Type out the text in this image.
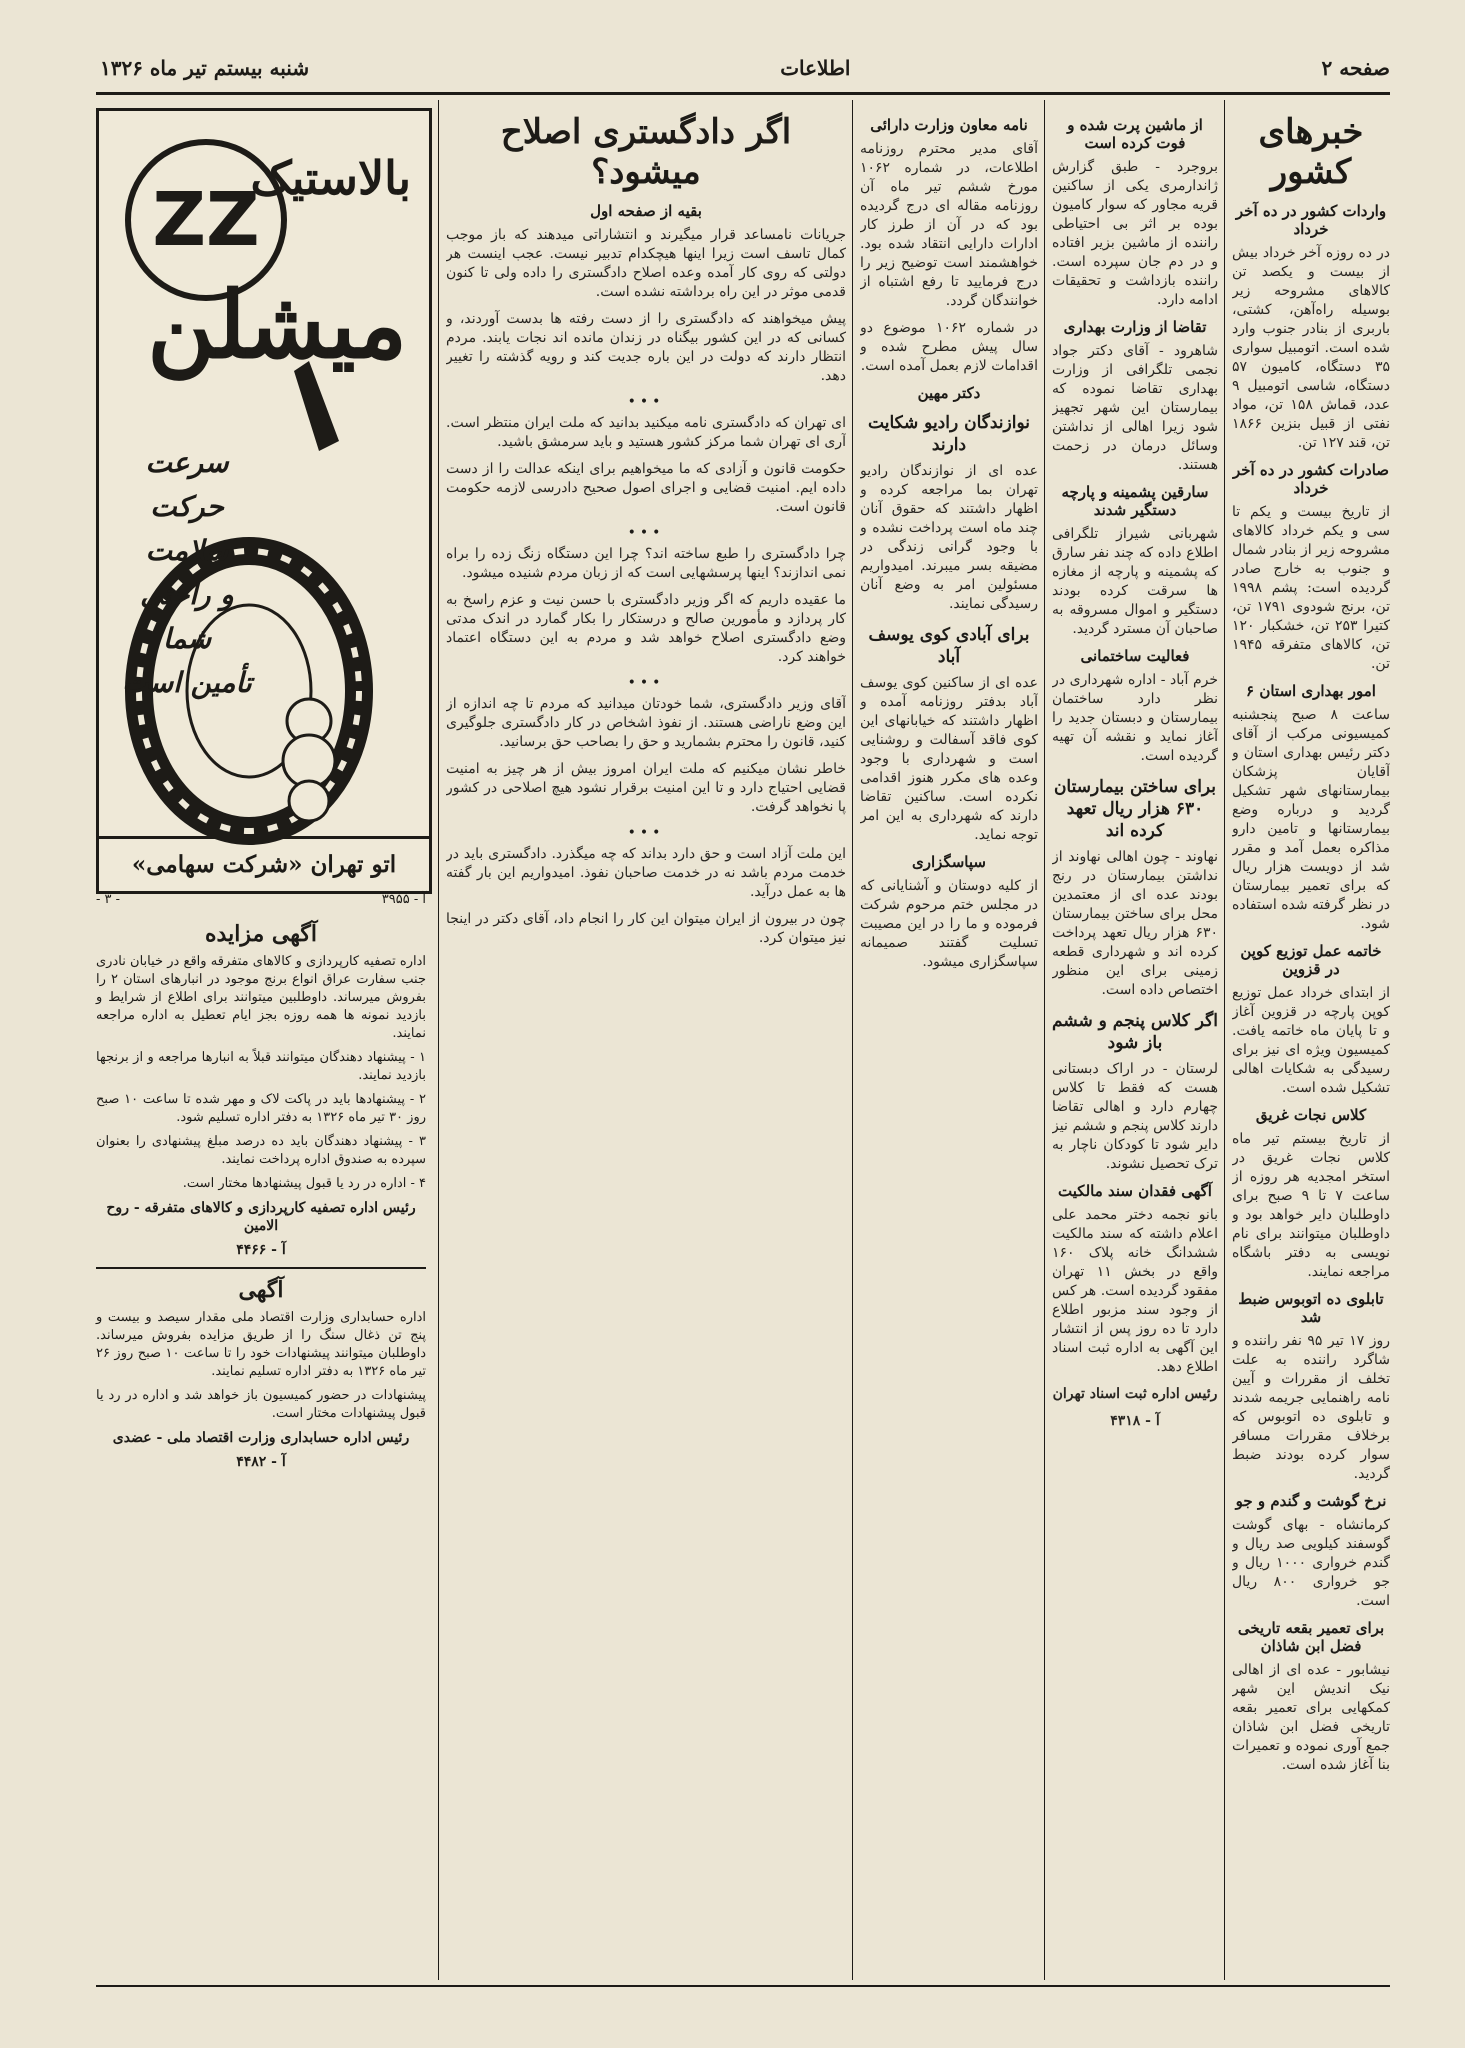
صفحه ۲
اطلاعات
شنبه بیستم تیر ماه ۱۳۲۶
خبرهای کشور
واردات کشور در ده آخر خرداد

در ده روزه آخر خرداد بیش از بیست و یکصد تن کالاهای مشروحه زیر بوسیله راه‌آهن، کشتی، باربری از بنادر جنوب وارد شده است. اتومبیل سواری ۳۵ دستگاه، کامیون ۵۷ دستگاه، شاسی اتومبیل ۹ عدد، قماش ۱۵۸ تن، مواد نفتی از قبیل بنزین ۱۸۶۶ تن، قند ۱۲۷ تن.

صادرات کشور در ده آخر خرداد

از تاریخ بیست و یکم تا سی و یکم خرداد کالاهای مشروحه زیر از بنادر شمال و جنوب به خارج صادر گردیده است: پشم ۱۹۹۸ تن، برنج شودوی ۱۷۹۱ تن، کتیرا ۲۵۳ تن، خشکبار ۱۲۰ تن، کالاهای متفرقه ۱۹۴۵ تن.

امور بهداری استان ۶

ساعت ۸ صبح پنجشنبه کمیسیونی مرکب از آقای دکتر رئیس بهداری استان و آقایان پزشکان بیمارستانهای شهر تشکیل گردید و درباره وضع بیمارستانها و تامین دارو مذاکره بعمل آمد و مقرر شد از دویست هزار ریال که برای تعمیر بیمارستان در نظر گرفته شده استفاده شود.

خاتمه عمل توزیع کوپن در قزوین

از ابتدای خرداد عمل توزیع کوپن پارچه در قزوین آغاز و تا پایان ماه خاتمه یافت. کمیسیون ویژه ای نیز برای رسیدگی به شکایات اهالی تشکیل شده است.

کلاس نجات غریق

از تاریخ بیستم تیر ماه کلاس نجات غریق در استخر امجدیه هر روزه از ساعت ۷ تا ۹ صبح برای داوطلبان دایر خواهد بود و داوطلبان میتوانند برای نام نویسی به دفتر باشگاه مراجعه نمایند.

تابلوی ده اتوبوس ضبط شد

روز ۱۷ تیر ۹۵ نفر راننده و شاگرد راننده به علت تخلف از مقررات و آیین نامه راهنمایی جریمه شدند و تابلوی ده اتوبوس که برخلاف مقررات مسافر سوار کرده بودند ضبط گردید.

نرخ گوشت و گندم و جو

کرمانشاه - بهای گوشت گوسفند کیلویی صد ریال و گندم خرواری ۱۰۰۰ ریال و جو خرواری ۸۰۰ ریال است.

برای تعمیر بقعه تاریخی فضل ابن شاذان

نیشابور - عده ای از اهالی نیک اندیش این شهر کمکهایی برای تعمیر بقعه تاریخی فضل ابن شاذان جمع آوری نموده و تعمیرات بنا آغاز شده است.

از ماشین پرت شده و فوت کرده است

بروجرد - طبق گزارش ژاندارمری یکی از ساکنین قریه مجاور که سوار کامیون بوده بر اثر بی احتیاطی راننده از ماشین بزیر افتاده و در دم جان سپرده است. راننده بازداشت و تحقیقات ادامه دارد.

تقاضا از وزارت بهداری

شاهرود - آقای دکتر جواد نجمی تلگرافی از وزارت بهداری تقاضا نموده که بیمارستان این شهر تجهیز شود زیرا اهالی از نداشتن وسائل درمان در زحمت هستند.

سارقین پشمینه و پارچه دستگیر شدند

شهربانی شیراز تلگرافی اطلاع داده که چند نفر سارق که پشمینه و پارچه از مغازه ها سرقت کرده بودند دستگیر و اموال مسروقه به صاحبان آن مسترد گردید.

فعالیت ساختمانی

خرم آباد - اداره شهرداری در نظر دارد ساختمان بیمارستان و دبستان جدید را آغاز نماید و نقشه آن تهیه گردیده است.

برای ساختن بیمارستان ۶۳۰ هزار ریال تعهد کرده اند

نهاوند - چون اهالی نهاوند از نداشتن بیمارستان در رنج بودند عده ای از معتمدین محل برای ساختن بیمارستان ۶۳۰ هزار ریال تعهد پرداخت کرده اند و شهرداری قطعه زمینی برای این منظور اختصاص داده است.

اگر کلاس پنجم و ششم باز شود

لرستان - در اراک دبستانی هست که فقط تا کلاس چهارم دارد و اهالی تقاضا دارند کلاس پنجم و ششم نیز دایر شود تا کودکان ناچار به ترک تحصیل نشوند.

آگهی فقدان سند مالکیت

بانو نجمه دختر محمد علی اعلام داشته که سند مالکیت ششدانگ خانه پلاک ۱۶۰ واقع در بخش ۱۱ تهران مفقود گردیده است. هر کس از وجود سند مزبور اطلاع دارد تا ده روز پس از انتشار این آگهی به اداره ثبت اسناد اطلاع دهد.

رئیس اداره ثبت اسناد تهران

آ - ۴۳۱۸

نامه معاون وزارت دارائی

آقای مدیر محترم روزنامه اطلاعات، در شماره ۱۰۶۲ مورخ ششم تیر ماه آن روزنامه مقاله ای درج گردیده بود که در آن از طرز کار ادارات دارایی انتقاد شده بود. خواهشمند است توضیح زیر را درج فرمایید تا رفع اشتباه از خوانندگان گردد.

در شماره ۱۰۶۲ موضوع دو سال پیش مطرح شده و اقدامات لازم بعمل آمده است.

دکتر مهین
نوازندگان رادیو شکایت دارند

عده ای از نوازندگان رادیو تهران بما مراجعه کرده و اظهار داشتند که حقوق آنان چند ماه است پرداخت نشده و با وجود گرانی زندگی در مضیقه بسر میبرند. امیدواریم مسئولین امر به وضع آنان رسیدگی نمایند.

برای آبادی کوی یوسف آباد

عده ای از ساکنین کوی یوسف آباد بدفتر روزنامه آمده و اظهار داشتند که خیابانهای این کوی فاقد آسفالت و روشنایی است و شهرداری با وجود وعده های مکرر هنوز اقدامی نکرده است. ساکنین تقاضا دارند که شهرداری به این امر توجه نماید.

سپاسگزاری

از کلیه دوستان و آشنایانی که در مجلس ختم مرحوم شرکت فرموده و ما را در این مصیبت تسلیت گفتند صمیمانه سپاسگزاری میشود.

اگر دادگستری اصلاح میشود؟
بقیه از صفحه اول

جریانات نامساعد قرار میگیرند و انتشاراتی میدهند که باز موجب کمال تاسف است زیرا اینها هیچکدام تدبیر نیست. عجب اینست هر دولتی که روی کار آمده وعده اصلاح دادگستری را داده ولی تا کنون قدمی موثر در این راه برداشته نشده است.

پیش میخواهند که دادگستری را از دست رفته ها بدست آوردند، و کسانی که در این کشور بیگناه در زندان مانده اند نجات یابند. مردم انتظار دارند که دولت در این باره جدیت کند و رویه گذشته را تغییر دهد.

•••

ای تهران که دادگستری نامه میکنید بدانید که ملت ایران منتظر است. آری ای تهران شما مرکز کشور هستید و باید سرمشق باشید.

حکومت قانون و آزادی که ما میخواهیم برای اینکه عدالت را از دست داده ایم. امنیت قضایی و اجرای اصول صحیح دادرسی لازمه حکومت قانون است.

•••

چرا دادگستری را طبع ساخته اند؟ چرا این دستگاه زنگ زده را براه نمی اندازند؟ اینها پرسشهایی است که از زبان مردم شنیده میشود.

ما عقیده داریم که اگر وزیر دادگستری با حسن نیت و عزم راسخ به کار پردازد و مأمورین صالح و درستکار را بکار گمارد در اندک مدتی وضع دادگستری اصلاح خواهد شد و مردم به این دستگاه اعتماد خواهند کرد.

•••

آقای وزیر دادگستری، شما خودتان میدانید که مردم تا چه اندازه از این وضع ناراضی هستند. از نفوذ اشخاص در کار دادگستری جلوگیری کنید، قانون را محترم بشمارید و حق را بصاحب حق برسانید.

خاطر نشان میکنیم که ملت ایران امروز بیش از هر چیز به امنیت قضایی احتیاج دارد و تا این امنیت برقرار نشود هیچ اصلاحی در کشور پا نخواهد گرفت.

•••

این ملت آزاد است و حق دارد بداند که چه میگذرد. دادگستری باید در خدمت مردم باشد نه در خدمت صاحبان نفوذ. امیدواریم این بار گفته ها به عمل درآید.

چون در بیرون از ایران میتوان این کار را انجام داد، آقای دکتر در اینجا نیز میتوان کرد.

ZZ
بالاستیک
میشلن
سرعت حرکت
سلامت
و راحتی شما
تأمین است
اتو تهران «شرکت سهامی»
آ - ۳۹۵۵
- ۳ -
آگهی مزایده

اداره تصفیه کارپردازی و کالاهای متفرقه واقع در خیابان نادری جنب سفارت عراق انواع برنج موجود در انبارهای استان ۲ را بفروش میرساند. داوطلبین میتوانند برای اطلاع از شرایط و بازدید نمونه ها همه روزه بجز ایام تعطیل به اداره مراجعه نمایند.

۱ - پیشنهاد دهندگان میتوانند قبلاً به انبارها مراجعه و از برنجها بازدید نمایند.

۲ - پیشنهادها باید در پاکت لاک و مهر شده تا ساعت ۱۰ صبح روز ۳۰ تیر ماه ۱۳۲۶ به دفتر اداره تسلیم شود.

۳ - پیشنهاد دهندگان باید ده درصد مبلغ پیشنهادی را بعنوان سپرده به صندوق اداره پرداخت نمایند.

۴ - اداره در رد یا قبول پیشنهادها مختار است.

رئیس اداره تصفیه کارپردازی و کالاهای متفرقه - روح الامین

آ - ۴۴۶۶

آگهی

اداره حسابداری وزارت اقتصاد ملی مقدار سیصد و بیست و پنج تن ذغال سنگ را از طریق مزایده بفروش میرساند. داوطلبان میتوانند پیشنهادات خود را تا ساعت ۱۰ صبح روز ۲۶ تیر ماه ۱۳۲۶ به دفتر اداره تسلیم نمایند.

پیشنهادات در حضور کمیسیون باز خواهد شد و اداره در رد یا قبول پیشنهادات مختار است.

رئیس اداره حسابداری وزارت اقتصاد ملی - عضدی

آ - ۴۴۸۲
